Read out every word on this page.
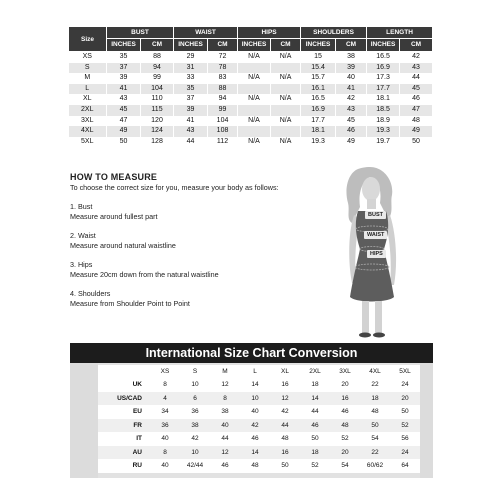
Size	BUST		WAIST		HIPS		SHOULDERS		LENGTH	
	INCHES	CM	INCHES	CM	INCHES	CM	INCHES	CM	INCHES	CM
XS	35	88	29	72	N/A	N/A	15	38	16.5	42
S	37	94	31	78			15.4	39	16.9	43
M	39	99	33	83	N/A	N/A	15.7	40	17.3	44
L	41	104	35	88			16.1	41	17.7	45
XL	43	110	37	94	N/A	N/A	16.5	42	18.1	46
2XL	45	115	39	99			16.9	43	18.5	47
3XL	47	120	41	104	N/A	N/A	17.7	45	18.9	48
4XL	49	124	43	108			18.1	46	19.3	49
5XL	50	128	44	112	N/A	N/A	19.3	49	19.7	50
HOW TO MEASURE
To choose the correct size for you, measure your body as follows:
1. Bust
Measure around fullest part
2. Waist
Measure around natural waistline
3. Hips
Measure 20cm down from the natural waistline
4. Shoulders
Measure from Shoulder Point to Point
BUST
WAIST
HIPS
International Size Chart Conversion
	XS	S	M	L	XL	2XL	3XL	4XL	5XL
UK	8	10	12	14	16	18	20	22	24
US/CAD	4	6	8	10	12	14	16	18	20
EU	34	36	38	40	42	44	46	48	50
FR	36	38	40	42	44	46	48	50	52
IT	40	42	44	46	48	50	52	54	56
AU	8	10	12	14	16	18	20	22	24
RU	40	42/44	46	48	50	52	54	60/62	64
